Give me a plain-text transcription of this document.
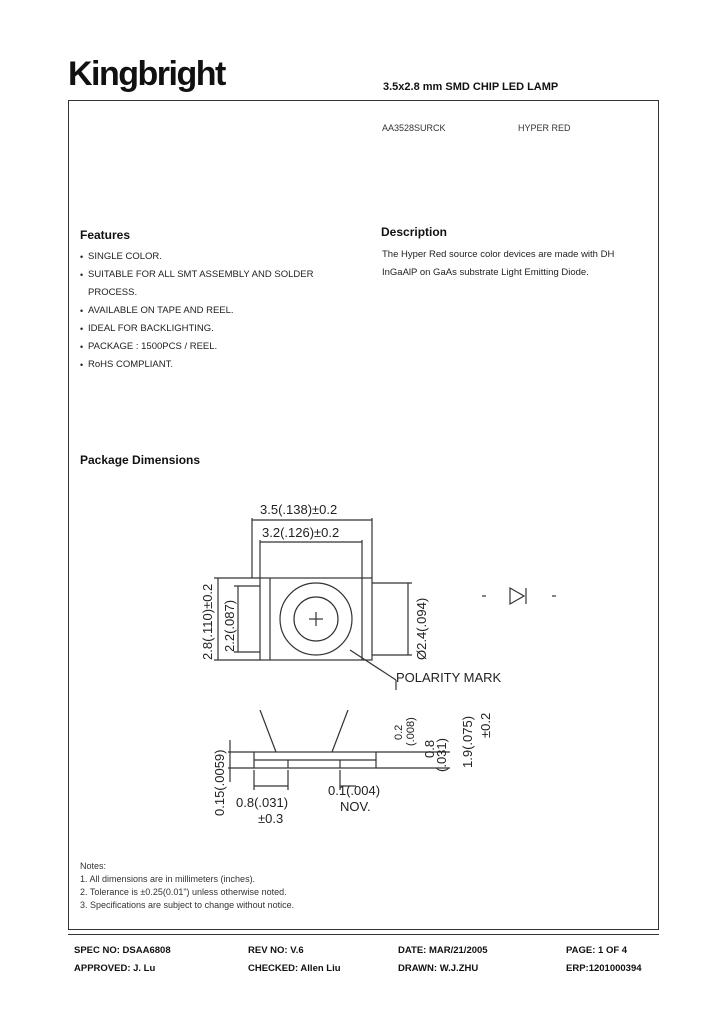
Kingbright	3.5x2.8 mm SMD CHIP LED LAMP
AA3528SURCK	HYPER RED
Features
• SINGLE COLOR.
• SUITABLE FOR ALL SMT ASSEMBLY AND SOLDER PROCESS.
• AVAILABLE ON TAPE AND REEL.
• IDEAL FOR BACKLIGHTING.
• PACKAGE : 1500PCS / REEL.
• RoHS COMPLIANT.
Description
The Hyper Red source color devices are made with DH InGaAlP on GaAs substrate Light Emitting Diode.
Package Dimensions
3.5(.138)±0.2
3.2(.126)±0.2
2.8(.110)±0.2 2.2(.087)	Ø2.4(.094)
POLARITY MARK
0.2 (.008)
0.8
(.031) 1.9(.075) ±0.2
0.15(.0059) 0.8(.031)
±0.3
0.1(.004)
NOV.
Notes:
1. All dimensions are in millimeters (inches).
2. Tolerance is ±0.25(0.01") unless otherwise noted.
3. Specifications are subject to change without notice.
SPEC NO: DSAA6808	REV NO: V.6	DATE: MAR/21/2005	PAGE: 1 OF 4
APPROVED: J. Lu	CHECKED: Allen Liu	DRAWN: W.J.ZHU	ERP:1201000394
